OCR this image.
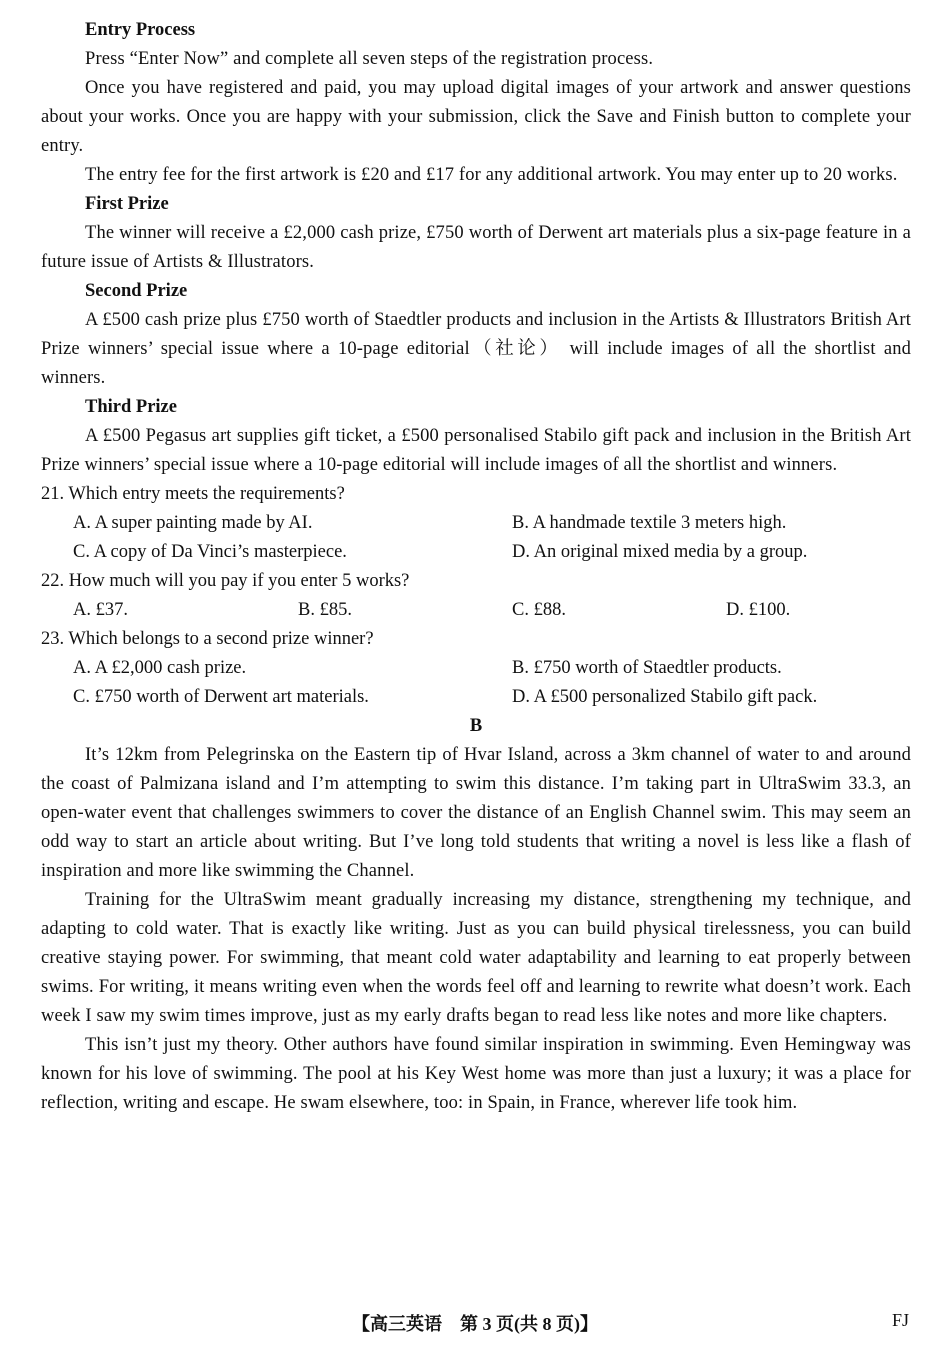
Entry Process

Press “Enter Now” and complete all seven steps of the registration process.

Once you have registered and paid, you may upload digital images of your artwork and answer questions about your works. Once you are happy with your submission, click the Save and Finish button to complete your entry.

The entry fee for the first artwork is £20 and £17 for any additional artwork. You may enter up to 20 works.

First Prize

The winner will receive a £2,000 cash prize, £750 worth of Derwent art materials plus a six-page feature in a future issue of Artists & Illustrators.

Second Prize

A £500 cash prize plus £750 worth of Staedtler products and inclusion in the Artists & Illustrators British Art Prize winners’ special issue where a 10-page editorial（社论） will include images of all the shortlist and winners.

Third Prize

A £500 Pegasus art supplies gift ticket, a £500 personalised Stabilo gift pack and inclusion in the British Art Prize winners’ special issue where a 10-page editorial will include images of all the shortlist and winners.

21. Which entry meets the requirements?

A. A super painting made by AI.	B. A handmade textile 3 meters high.
C. A copy of Da Vinci’s masterpiece.	D. An original mixed media by a group.

22. How much will you pay if you enter 5 works?

A. £37.	B. £85.	C. £88.	D. £100.

23. Which belongs to a second prize winner?

A. A £2,000 cash prize.	B. £750 worth of Staedtler products.
C. £750 worth of Derwent art materials.	D. A £500 personalized Stabilo gift pack.

B

It’s 12km from Pelegrinska on the Eastern tip of Hvar Island, across a 3km channel of water to and around the coast of Palmizana island and I’m attempting to swim this distance. I’m taking part in UltraSwim 33.3, an open-water event that challenges swimmers to cover the distance of an English Channel swim. This may seem an odd way to start an article about writing. But I’ve long told students that writing a novel is less like a flash of inspiration and more like swimming the Channel.

Training for the UltraSwim meant gradually increasing my distance, strengthening my technique, and adapting to cold water. That is exactly like writing. Just as you can build physical tirelessness, you can build creative staying power. For swimming, that meant cold water adaptability and learning to eat properly between swims. For writing, it means writing even when the words feel off and learning to rewrite what doesn’t work. Each week I saw my swim times improve, just as my early drafts began to read less like notes and more like chapters.

This isn’t just my theory. Other authors have found similar inspiration in swimming. Even Hemingway was known for his love of swimming. The pool at his Key West home was more than just a luxury; it was a place for reflection, writing and escape. He swam elsewhere, too: in Spain, in France, wherever life took him.

【高三英语　第 3 页(共 8 页)】	FJ
